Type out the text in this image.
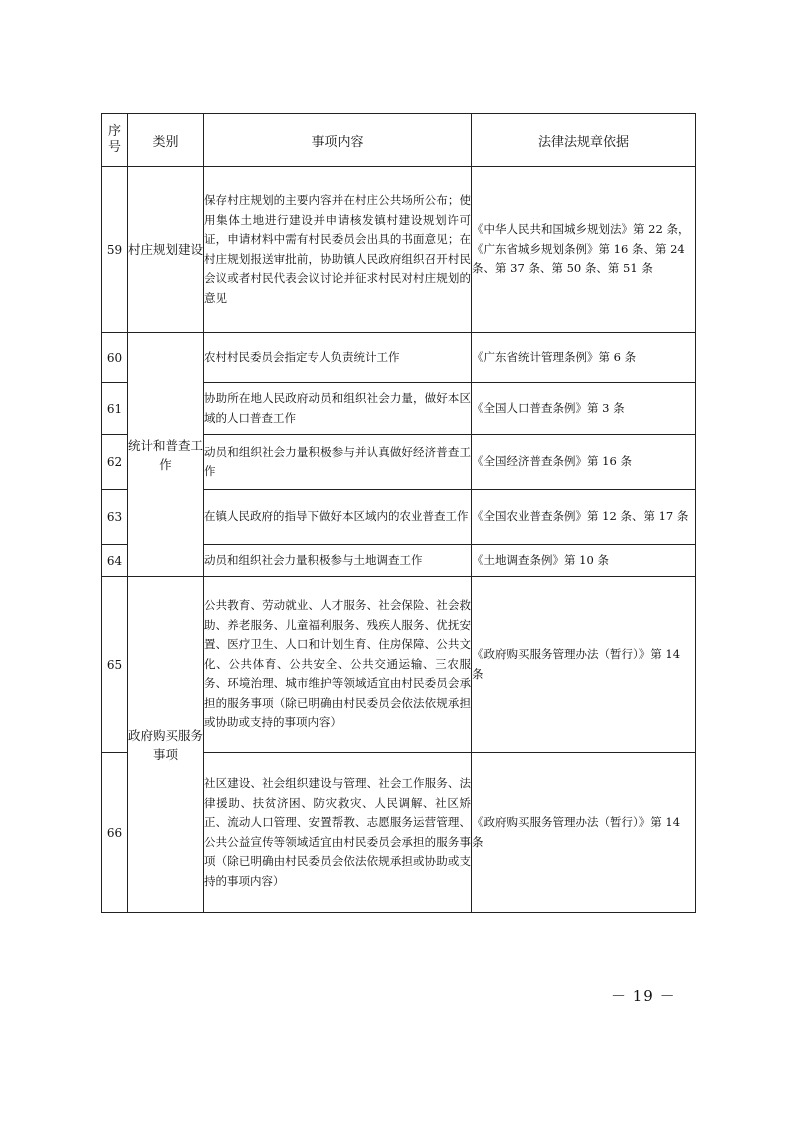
序号	类别	事项内容	法律法规章依据
59	村庄规划建设	保存村庄规划的主要内容并在村庄公共场所公布；使用集体土地进行建设并申请核发镇村建设规划许可证，申请材料中需有村民委员会出具的书面意见；在村庄规划报送审批前，协助镇人民政府组织召开村民会议或者村民代表会议讨论并征求村民对村庄规划的意见	《中华人民共和国城乡规划法》第 22 条，《广东省城乡规划条例》第 16 条、第 24 条、第 37 条、第 50 条、第 51 条
60	统计和普查工作	农村村民委员会指定专人负责统计工作	《广东省统计管理条例》第 6 条
61		协助所在地人民政府动员和组织社会力量，做好本区域的人口普查工作	《全国人口普查条例》第 3 条
62		动员和组织社会力量积极参与并认真做好经济普查工作	《全国经济普查条例》第 16 条
63		在镇人民政府的指导下做好本区域内的农业普查工作	《全国农业普查条例》第 12 条、第 17 条
64		动员和组织社会力量积极参与土地调查工作	《土地调查条例》第 10 条
65	政府购买服务事项	公共教育、劳动就业、人才服务、社会保险、社会救助、养老服务、儿童福利服务、残疾人服务、优抚安置、医疗卫生、人口和计划生育、住房保障、公共文化、公共体育、公共安全、公共交通运输、三农服务、环境治理、城市维护等领域适宜由村民委员会承担的服务事项（除已明确由村民委员会依法依规承担或协助或支持的事项内容）	《政府购买服务管理办法（暂行）》第 14 条
66		社区建设、社会组织建设与管理、社会工作服务、法律援助、扶贫济困、防灾救灾、人民调解、社区矫正、流动人口管理、安置帮教、志愿服务运营管理、公共公益宣传等领域适宜由村民委员会承担的服务事项（除已明确由村民委员会依法依规承担或协助或支持的事项内容）	《政府购买服务管理办法（暂行）》第 14 条
－ 19 －
